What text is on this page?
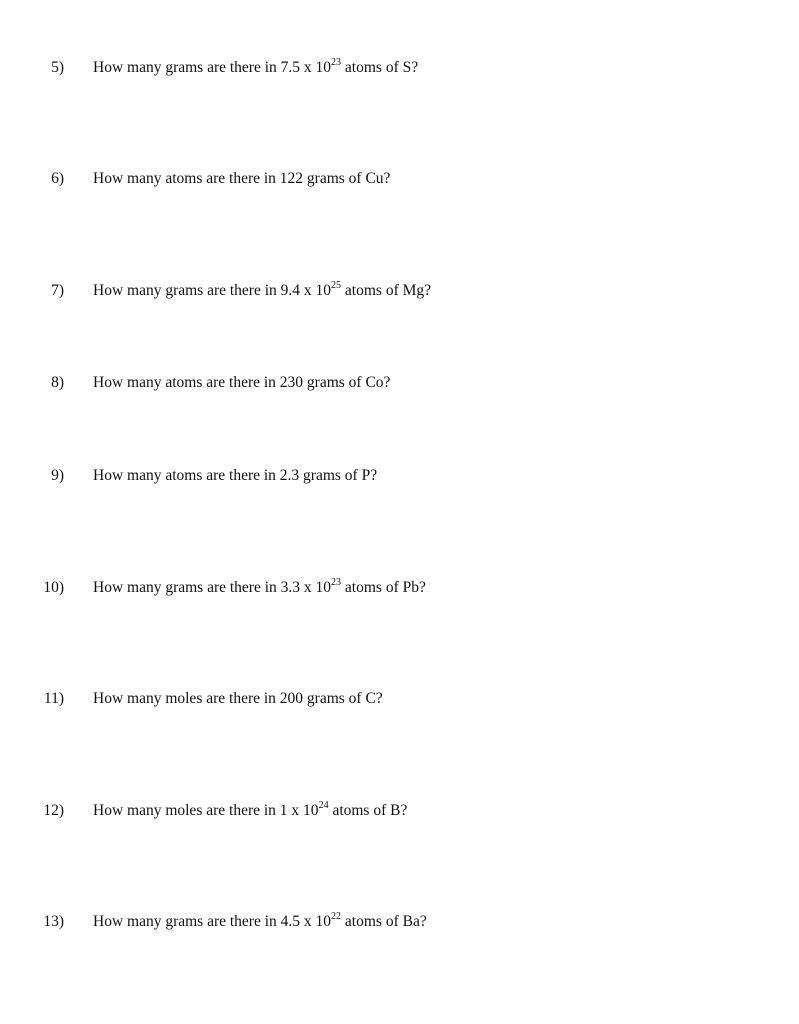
5) How many grams are there in 7.5 x $10^{23}$ atoms of S?
6) How many atoms are there in 122 grams of Cu?
7) How many grams are there in 9.4 x $10^{25}$ atoms of Mg?
8) How many atoms are there in 230 grams of Co?
9) How many atoms are there in 2.3 grams of P?
10) How many grams are there in 3.3 x $10^{23}$ atoms of Pb?
11) How many moles are there in 200 grams of C?
12) How many moles are there in 1 x $10^{24}$ atoms of B?
13) How many grams are there in 4.5 x $10^{22}$ atoms of Ba?
